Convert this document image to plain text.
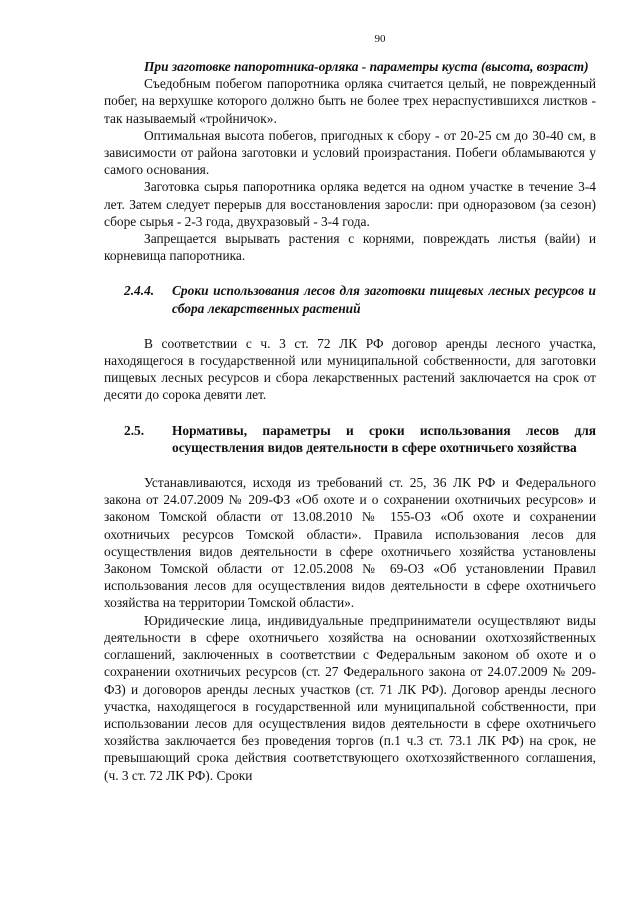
90
При заготовке папоротника-орляка - параметры куста (высота, возраст)

Съедобным побегом папоротника орляка считается целый, не поврежденный побег, на верхушке которого должно быть не более трех нераспустившихся листков - так называемый «тройничок».

Оптимальная высота побегов, пригодных к сбору - от 20-25 см до 30-40 см, в зависимости от района заготовки и условий произрастания. Побеги обламываются у самого основания.

Заготовка сырья папоротника орляка ведется на одном участке в течение 3-4 лет. Затем следует перерыв для восстановления заросли: при одноразовом (за сезон) сборе сырья - 2-3 года, двухразовый - 3-4 года.

Запрещается вырывать растения с корнями, повреждать листья (вайи) и корневища папоротника.

2.4.4.	Сроки использования лесов для заготовки пищевых лесных ресурсов и сбора лекарственных растений

В соответствии с ч. 3 ст. 72 ЛК РФ договор аренды лесного участка, находящегося в государственной или муниципальной собственности, для заготовки пищевых лесных ресурсов и сбора лекарственных растений заключается на срок от десяти до сорока девяти лет.

2.5.	Нормативы, параметры и сроки использования лесов для осуществления видов деятельности в сфере охотничьего хозяйства

Устанавливаются, исходя из требований ст. 25, 36 ЛК РФ и Федерального закона от 24.07.2009 № 209-ФЗ «Об охоте и о сохранении охотничьих ресурсов» и законом Томской области от 13.08.2010 № 155-ОЗ «Об охоте и сохранении охотничьих ресурсов Томской области». Правила использования лесов для осуществления видов деятельности в сфере охотничьего хозяйства установлены Законом Томской области от 12.05.2008 № 69-ОЗ «Об установлении Правил использования лесов для осуществления видов деятельности в сфере охотничьего хозяйства на территории Томской области».

Юридические лица, индивидуальные предприниматели осуществляют виды деятельности в сфере охотничьего хозяйства на основании охотхозяйственных соглашений, заключенных в соответствии с Федеральным законом об охоте и о сохранении охотничьих ресурсов (ст. 27 Федерального закона от 24.07.2009 № 209-ФЗ) и договоров аренды лесных участков (ст. 71 ЛК РФ). Договор аренды лесного участка, находящегося в государственной или муниципальной собственности, при использовании лесов для осуществления видов деятельности в сфере охотничьего хозяйства заключается без проведения торгов (п.1 ч.3 ст. 73.1 ЛК РФ) на срок, не превышающий срока действия соответствующего охотхозяйственного соглашения, (ч. 3 ст. 72 ЛК РФ). Сроки
